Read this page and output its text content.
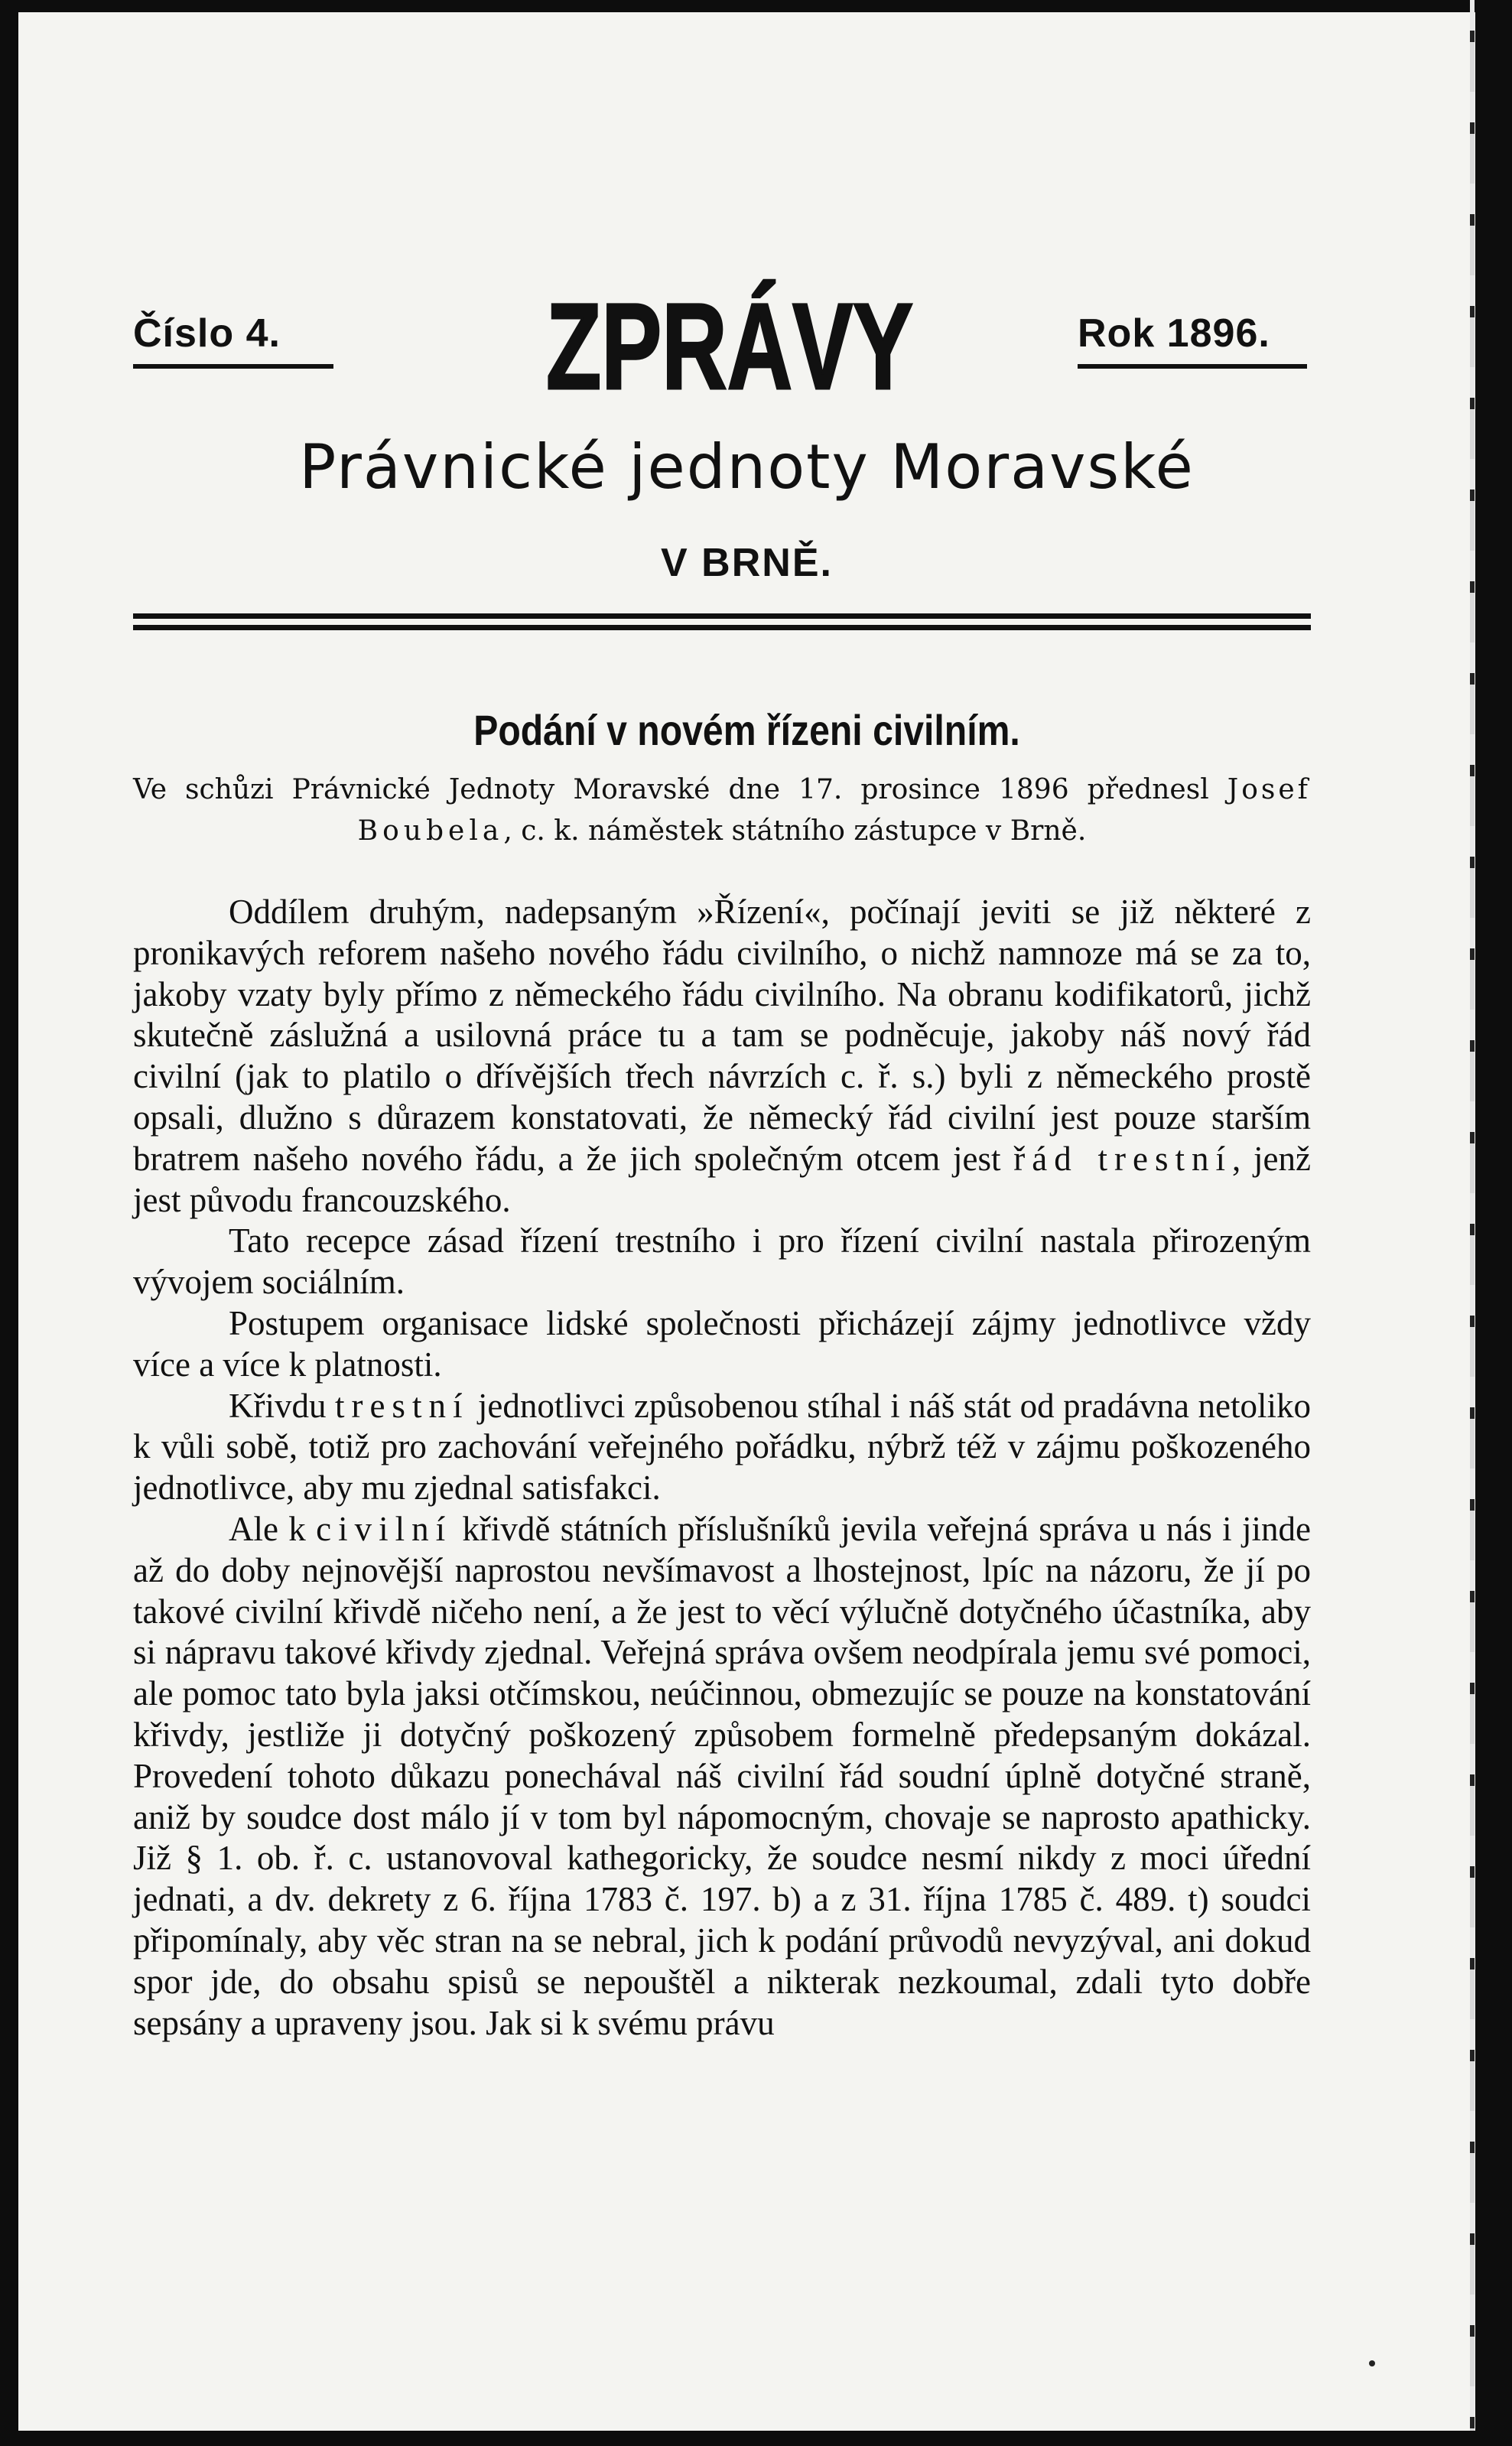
Číslo 4. ZPRÁVY	Rok 1896.
Právnické jednoty Moravské
V BRNĚ.
Podání v novém řízeni civilním.
Ve schůzi Právnické Jednoty Moravské dne 17. prosince 1896 přednesl Josef Boubela, c. k. náměstek státního zástupce v Brně.

Oddílem druhým, nadepsaným »Řízení«, počínají jeviti se již některé z pronikavých reforem našeho nového řádu civilního, o nichž namnoze má se za to, jakoby vzaty byly přímo z německého řádu civilního. Na obranu kodifikatorů, jichž skutečně záslužná a usilovná práce tu a tam se podněcuje, jakoby náš nový řád civilní (jak to platilo o dřívějších třech návrzích c. ř. s.) byli z německého prostě opsali, dlužno s důrazem konstatovati, že německý řád civilní jest pouze starším bratrem našeho nového řádu, a že jich společným otcem jest řád trestní, jenž jest původu francouzského.

Tato recepce zásad řízení trestního i pro řízení civilní nastala přirozeným vývojem sociálním.

Postupem organisace lidské společnosti přicházejí zájmy jednotlivce vždy více a více k platnosti.

Křivdu trestní jednotlivci způsobenou stíhal i náš stát od pradávna netoliko k vůli sobě, totiž pro zachování veřejného pořádku, nýbrž též v zájmu poškozeného jednotlivce, aby mu zjednal satisfakci.

Ale k civilní křivdě státních příslušníků jevila veřejná správa u nás i jinde až do doby nejnovější naprostou nevšímavost a lhostejnost, lpíc na názoru, že jí po takové civilní křivdě ničeho není, a že jest to věcí výlučně dotyčného účastníka, aby si nápravu takové křivdy zjednal. Veřejná správa ovšem neodpírala jemu své pomoci, ale pomoc tato byla jaksi otčímskou, neúčinnou, obmezujíc se pouze na konstatování křivdy, jestliže ji dotyčný poškozený způsobem formelně předepsaným dokázal. Provedení tohoto důkazu ponechával náš civilní řád soudní úplně dotyčné straně, aniž by soudce dost málo jí v tom byl nápomocným, chovaje se naprosto apathicky. Již § 1. ob. ř. c. ustanovoval kathegoricky, že soudce nesmí nikdy z moci úřední jednati, a dv. dekrety z 6. října 1783 č. 197. b) a z 31. října 1785 č. 489. t) soudci připomínaly, aby věc stran na se nebral, jich k podání průvodů nevyzýval, ani dokud spor jde, do obsahu spisů se nepouštěl a nikterak nezkoumal, zdali tyto dobře sepsány a upraveny jsou. Jak si k svému právu
